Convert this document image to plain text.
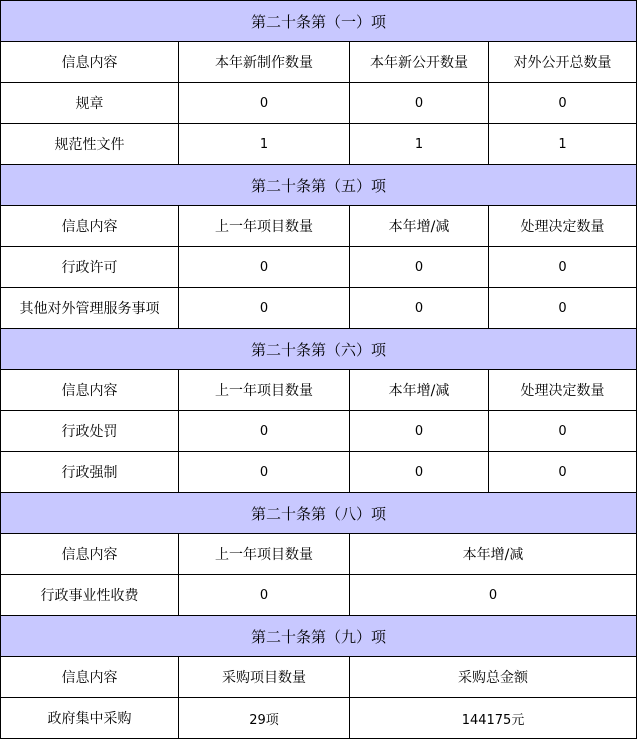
第二十条第（一）项			
信息内容	本年新制作数量	本年新公开数量	对外公开总数量
规章	0	0	0
规范性文件	1	1	1
第二十条第（五）项			
信息内容	上一年项目数量	本年增/减	处理决定数量
行政许可	0	0	0
其他对外管理服务事项	0	0	0
第二十条第（六）项			
信息内容	上一年项目数量	本年增/减	处理决定数量
行政处罚	0	0	0
行政强制	0	0	0
第二十条第（八）项			
信息内容	上一年项目数量	本年增/减	
行政事业性收费	0	0	
第二十条第（九）项			
信息内容	采购项目数量	采购总金额	
政府集中采购	29项	144175元	
